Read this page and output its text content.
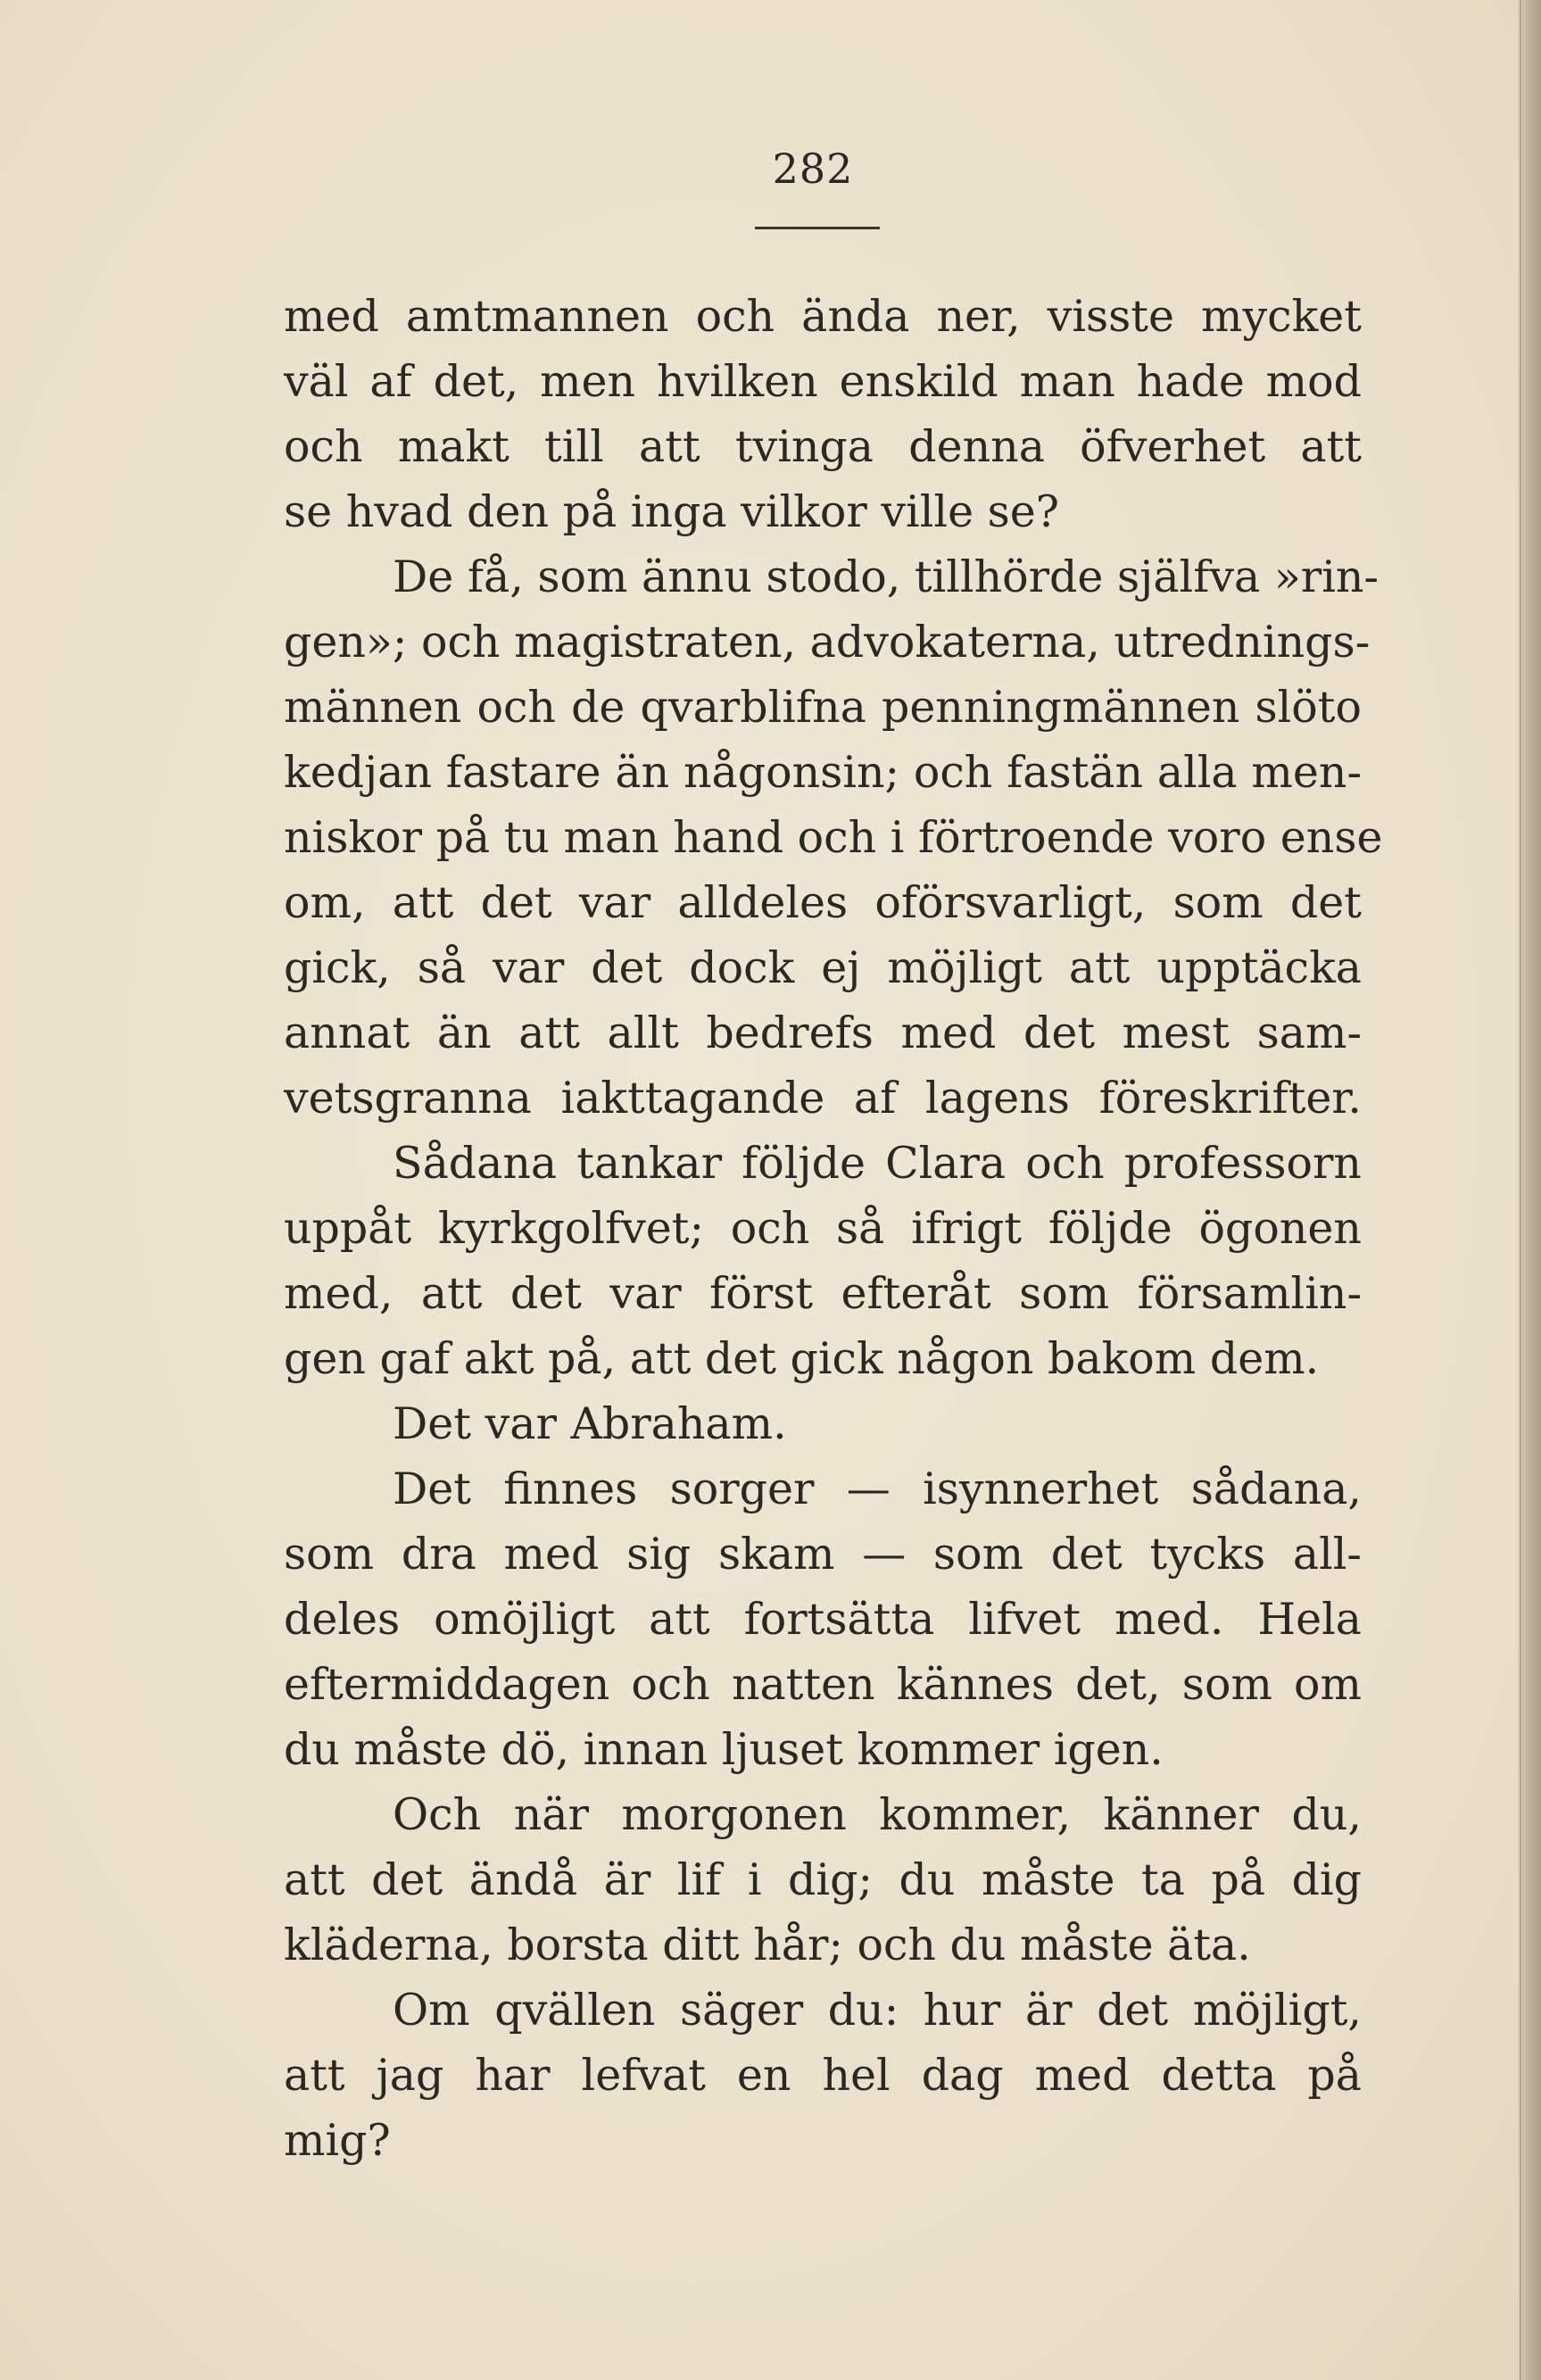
282
med amtmannen och ända ner, visste mycket
väl af det, men hvilken enskild man hade mod
och makt till att tvinga denna öfverhet att
se hvad den på inga vilkor ville se?
De få, som ännu stodo, tillhörde själfva »rin-
gen»; och magistraten, advokaterna, utrednings-
männen och de qvarblifna penningmännen slöto
kedjan fastare än någonsin; och fastän alla men-
niskor på tu man hand och i förtroende voro ense
om, att det var alldeles oförsvarligt, som det
gick, så var det dock ej möjligt att upptäcka
annat än att allt bedrefs med det mest sam-
vetsgranna iakttagande af lagens föreskrifter.
Sådana tankar följde Clara och professorn
uppåt kyrkgolfvet; och så ifrigt följde ögonen
med, att det var först efteråt som församlin-
gen gaf akt på, att det gick någon bakom dem.
Det var Abraham.
Det finnes sorger — isynnerhet sådana,
som dra med sig skam — som det tycks all-
deles omöjligt att fortsätta lifvet med. Hela
eftermiddagen och natten kännes det, som om
du måste dö, innan ljuset kommer igen.
Och när morgonen kommer, känner du,
att det ändå är lif i dig; du måste ta på dig
kläderna, borsta ditt hår; och du måste äta.
Om qvällen säger du: hur är det möjligt,
att jag har lefvat en hel dag med detta på
mig?
